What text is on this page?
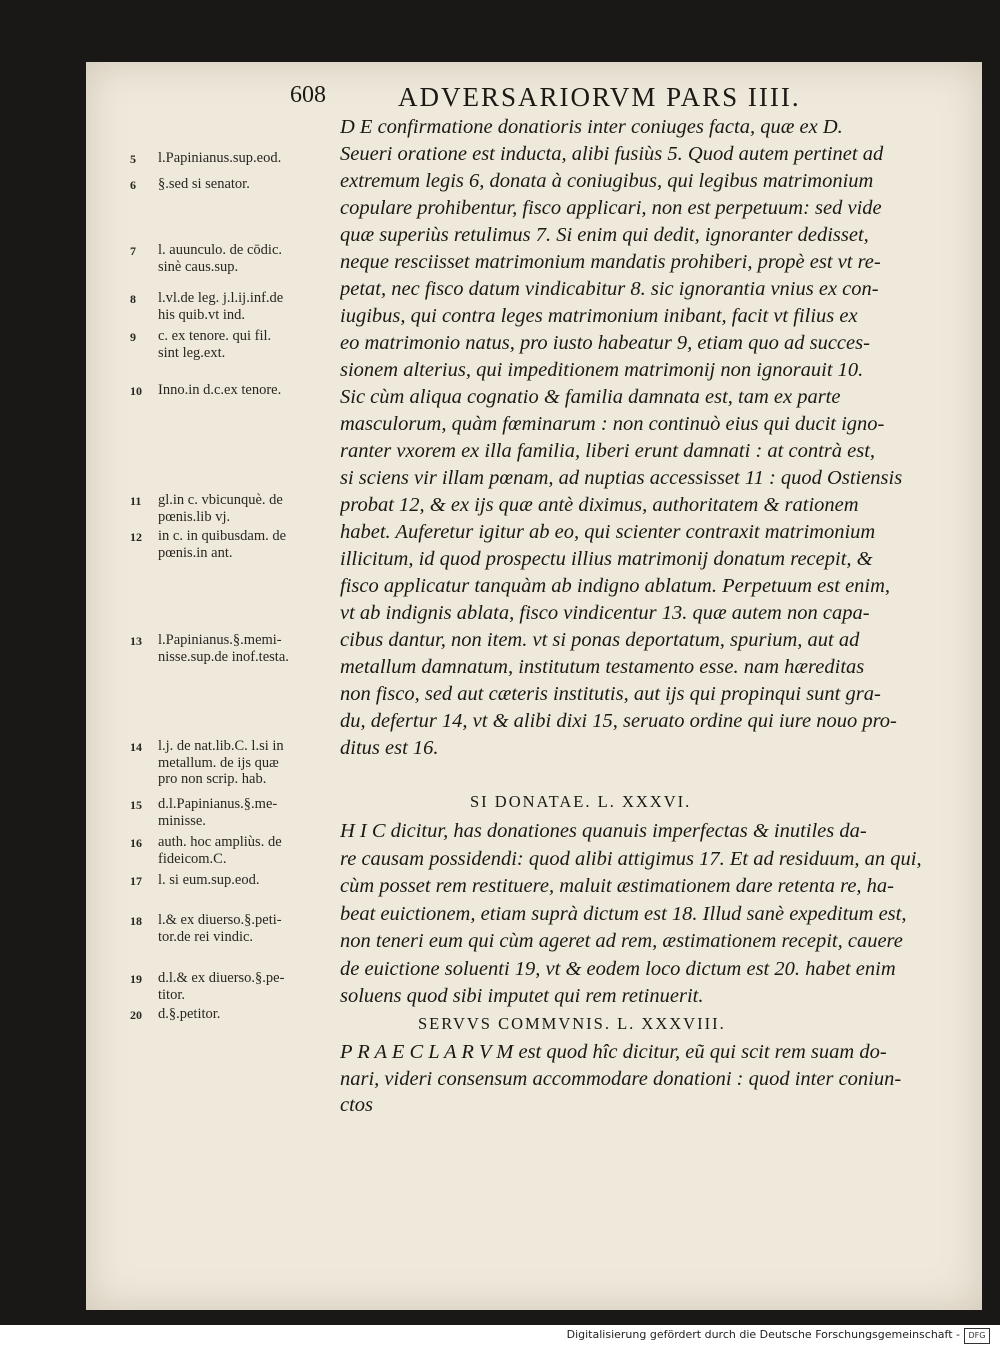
608	ADVERSARIORVM PARS IIII.
5	l.Papinianus.sup.eod.
6	§.sed si senator.
7	l. auunculo. de cōdic.
sinè caus.sup.
8	l.vl.de leg. j.l.ij.inf.de
his quib.vt ind.
9	c. ex tenore. qui fil.
sint leg.ext.
10	Inno.in d.c.ex tenore.
11	gl.in c. vbicunquè. de
pœnis.lib vj.
12	in c. in quibusdam. de
pœnis.in ant.
13	l.Papinianus.§.memi-
nisse.sup.de inof.testa.
14	l.j. de nat.lib.C. l.si in
metallum. de ijs quæ
pro non scrip. hab.
15	d.l.Papinianus.§.me-
minisse.
16	auth. hoc ampliùs. de
fideicom.C.
17	l. si eum.sup.eod.
18	l.& ex diuerso.§.peti-
tor.de rei vindic.
19	d.l.& ex diuerso.§.pe-
titor.
20	d.§.petitor.
D E confirmatione donatioris inter coniuges facta, quæ ex D.
Seueri oratione est inducta, alibi fusiùs 5. Quod autem pertinet ad
extremum legis 6, donata à coniugibus, qui legibus matrimonium
copulare prohibentur, fisco applicari, non est perpetuum: sed vide
quæ superiùs retulimus 7. Si enim qui dedit, ignoranter dedisset,
neque resciisset matrimonium mandatis prohiberi, propè est vt re-
petat, nec fisco datum vindicabitur 8. sic ignorantia vnius ex con-
iugibus, qui contra leges matrimonium inibant, facit vt filius ex
eo matrimonio natus, pro iusto habeatur 9, etiam quo ad succes-
sionem alterius, qui impeditionem matrimonij non ignorauit 10.
Sic cùm aliqua cognatio & familia damnata est, tam ex parte
masculorum, quàm fœminarum : non continuò eius qui ducit igno-
ranter vxorem ex illa familia, liberi erunt damnati : at contrà est,
si sciens vir illam pœnam, ad nuptias accessisset 11 : quod Ostiensis
probat 12, & ex ijs quæ antè diximus, authoritatem & rationem
habet. Auferetur igitur ab eo, qui scienter contraxit matrimonium
illicitum, id quod prospectu illius matrimonij donatum recepit, &
fisco applicatur tanquàm ab indigno ablatum. Perpetuum est enim,
vt ab indignis ablata, fisco vindicentur 13. quæ autem non capa-
cibus dantur, non item. vt si ponas deportatum, spurium, aut ad
metallum damnatum, institutum testamento esse. nam hæreditas
non fisco, sed aut cæteris institutis, aut ijs qui propinqui sunt gra-
du, defertur 14, vt & alibi dixi 15, seruato ordine qui iure nouo pro-
ditus est 16.
SI DONATAE. L. XXXVI.
H I C dicitur, has donationes quanuis imperfectas & inutiles da-
re causam possidendi: quod alibi attigimus 17. Et ad residuum, an qui,
cùm posset rem restituere, maluit æstimationem dare retenta re, ha-
beat euictionem, etiam suprà dictum est 18. Illud sanè expeditum est,
non teneri eum qui cùm ageret ad rem, æstimationem recepit, cauere
de euictione soluenti 19, vt & eodem loco dictum est 20. habet enim
soluens quod sibi imputet qui rem retinuerit.
SERVVS COMMVNIS. L. XXXVIII.
P R A E C L A R V M est quod hîc dicitur, eũ qui scit rem suam do-
nari, videri consensum accommodare donationi : quod inter coniun-
ctos
Digitalisierung gefördert durch die Deutsche Forschungsgemeinschaft -	DFG
